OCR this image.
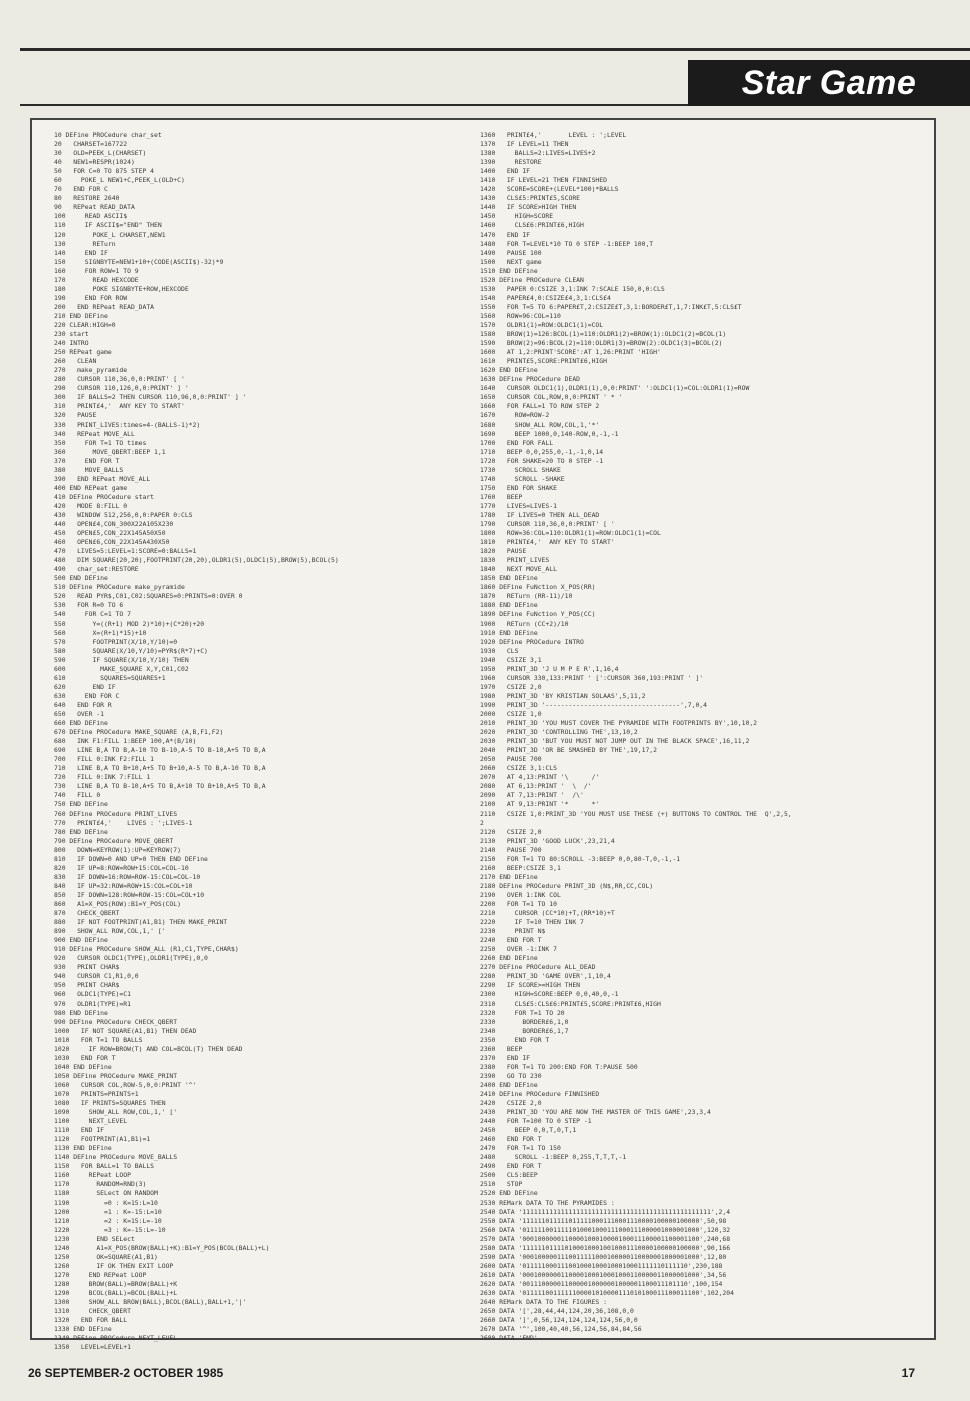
Star Game
10 DEFine PROCedure char_set
20   CHARSET=167722
30   OLD=PEEK_L(CHARSET)
40   NEW1=RESPR(1024)
50   FOR C=0 TO 875 STEP 4
60     POKE_L NEW1+C,PEEK_L(OLD+C)
70   END FOR C
80   RESTORE 2640
90   REPeat READ_DATA
100     READ ASCII$
110     IF ASCII$="END" THEN
120       POKE_L CHARSET,NEW1
130       RETurn
140     END IF
150     SIGNBYTE=NEW1+10+(CODE(ASCII$)-32)*9
160     FOR ROW=1 TO 9
170       READ HEXCODE
180       POKE SIGNBYTE+ROW,HEXCODE
190     END FOR ROW
200   END REPeat READ_DATA
210 END DEFine
220 CLEAR:HIGH=0
230 start
240 INTRO
250 REPeat game
260   CLEAN
270   make_pyramide
280   CURSOR 110,36,0,0:PRINT' [ '
290   CURSOR 110,126,0,0:PRINT' ] '
300   IF BALLS=2 THEN CURSOR 110,96,0,0:PRINT' ] '
310   PRINT£4,'  ANY KEY TO START'
320   PAUSE
330   PRINT_LIVES:times=4-(BALLS-1)*2)
340   REPeat MOVE_ALL
350     FOR T=1 TO times
360       MOVE_QBERT:BEEP 1,1
370     END FOR T
380     MOVE_BALLS
390   END REPeat MOVE_ALL
400 END REPeat game
410 DEFine PROCedure start
420   MODE 8:FILL 0
430   WINDOW 512,256,0,0:PAPER 0:CLS
440   OPEN£4,CON_300X22A105X230
450   OPEN£5,CON_22X145A50X50
460   OPEN£6,CON_22X145A430X50
470   LIVES=5:LEVEL=1:SCORE=0:BALLS=1
480   DIM SQUARE(20,20),FOOTPRINT(20,20),OLDR1(5),OLDC1(5),BROW(5),BCOL(5)
490   char_set:RESTORE
500 END DEFine
510 DEFine PROCedure make_pyramide
520   READ PYR$,C01,C02:SQUARES=0:PRINTS=0:OVER 0
530   FOR R=0 TO 6
540     FOR C=1 TO 7
550       Y=((R+1) MOD 2)*10)+(C*20)+20
560       X=(R+1)*15)+10
570       FOOTPRINT(X/10,Y/10)=0
580       SQUARE(X/10,Y/10)=PYR$(R*7)+C)
590       IF SQUARE(X/10,Y/10) THEN
600         MAKE_SQUARE X,Y,C01,C02
610         SQUARES=SQUARES+1
620       END IF
630     END FOR C
640   END FOR R
650   OVER -1
660 END DEFine
670 DEFine PROCedure MAKE_SQUARE (A,B,F1,F2)
680   INK F1:FILL 1:BEEP 100,A*(B/10)
690   LINE B,A TO B,A-10 TO B-10,A-5 TO B-10,A+5 TO B,A
700   FILL 0:INK F2:FILL 1
710   LINE B,A TO B+10,A+5 TO B+10,A-5 TO B,A-10 TO B,A
720   FILL 0:INK 7:FILL 1
730   LINE B,A TO B-10,A+5 TO B,A+10 TO B+10,A+5 TO B,A
740   FILL 0
750 END DEFine
760 DEFine PROCedure PRINT_LIVES
770   PRINT£4,'    LIVES : ';LIVES-1
780 END DEFine
790 DEFine PROCedure MOVE_QBERT
800   DOWN=KEYROW(1):UP=KEYROW(7)
810   IF DOWN=0 AND UP=0 THEN END DEFine
820   IF UP=8:ROW=ROW+15:COL=COL-10
830   IF DOWN=16:ROW=ROW-15:COL=COL-10
840   IF UP=32:ROW=ROW+15:COL=COL+10
850   IF DOWN=128:ROW=ROW-15:COL=COL+10
860   A1=X_POS(ROW):B1=Y_POS(COL)
870   CHECK_QBERT
880   IF NOT FOOTPRINT(A1,B1) THEN MAKE_PRINT
890   SHOW_ALL ROW,COL,1,' ['
900 END DEFine
910 DEFine PROCedure SHOW_ALL (R1,C1,TYPE,CHAR$)
920   CURSOR OLDC1(TYPE),OLDR1(TYPE),0,0
930   PRINT CHAR$
940   CURSOR C1,R1,0,0
950   PRINT CHAR$
960   OLDC1(TYPE)=C1
970   OLDR1(TYPE)=R1
980 END DEFine
990 DEFine PROCedure CHECK_QBERT
1000   IF NOT SQUARE(A1,B1) THEN DEAD
1010   FOR T=1 TO BALLS
1020     IF ROW=BROW(T) AND COL=BCOL(T) THEN DEAD
1030   END FOR T
1040 END DEFine
1050 DEFine PROCedure MAKE_PRINT
1060   CURSOR COL,ROW-5,0,0:PRINT '^'
1070   PRINTS=PRINTS+1
1080   IF PRINTS=SQUARES THEN
1090     SHOW_ALL ROW,COL,1,' ['
1100     NEXT_LEVEL
1110   END IF
1120   FOOTPRINT(A1,B1)=1
1130 END DEFine
1140 DEFine PROCedure MOVE_BALLS
1150   FOR BALL=1 TO BALLS
1160     REPeat LOOP
1170       RANDOM=RND(3)
1180       SELect ON RANDOM
1190         =0 : K=15:L=10
1200         =1 : K=-15:L=10
1210         =2 : K=15:L=-10
1220         =3 : K=-15:L=-10
1230       END SELect
1240       A1=X_POS(BROW(BALL)+K):B1=Y_POS(BCOL(BALL)+L)
1250       OK=SQUARE(A1,B1)
1260       IF OK THEN EXIT LOOP
1270     END REPeat LOOP
1280     BROW(BALL)=BROW(BALL)+K
1290     BCOL(BALL)=BCOL(BALL)+L
1300     SHOW_ALL BROW(BALL),BCOL(BALL),BALL+1,'|'
1310     CHECK_QBERT
1320   END FOR BALL
1330 END DEFine
1340 DEFine PROCedure NEXT_LEVEL
1350   LEVEL=LEVEL+1
1360   PRINT£4,'       LEVEL : ';LEVEL
1370   IF LEVEL=11 THEN
1380     BALLS=2:LIVES=LIVES+2
1390     RESTORE
1400   END IF
1410   IF LEVEL=21 THEN FINNISHED
1420   SCORE=SCORE+(LEVEL*100)*BALLS
1430   CLS£5:PRINT£5,SCORE
1440   IF SCORE>HIGH THEN
1450     HIGH=SCORE
1460     CLS£6:PRINT£6,HIGH
1470   END IF
1480   FOR T=LEVEL*10 TO 0 STEP -1:BEEP 100,T
1490   PAUSE 100
1500   NEXT game
1510 END DEFine
1520 DEFine PROCedure CLEAN
1530   PAPER 0:CSIZE 3,1:INK 7:SCALE 150,0,0:CLS
1540   PAPER£4,0:CSIZE£4,3,1:CLS£4
1550   FOR T=5 TO 6:PAPER£T,2:CSIZE£T,3,1:BORDER£T,1,7:INK£T,5:CLS£T
1560   ROW=96:COL=110
1570   OLDR1(1)=ROW:OLDC1(1)=COL
1580   BROW(1)=126:BCOL(1)=110:OLDR1(2)=BROW(1):OLDC1(2)=BCOL(1)
1590   BROW(2)=96:BCOL(2)=110:OLDR1(3)=BROW(2):OLDC1(3)=BCOL(2)
1600   AT 1,2:PRINT'SCORE':AT 1,26:PRINT 'HIGH'
1610   PRINT£5,SCORE:PRINT£6,HIGH
1620 END DEFine
1630 DEFine PROCedure DEAD
1640   CURSOR OLDC1(1),OLDR1(1),0,0:PRINT' ':OLDC1(1)=COL:OLDR1(1)=ROW
1650   CURSOR COL,ROW,0,0:PRINT ' * '
1660   FOR FALL=1 TO ROW STEP 2
1670     ROW=ROW-2
1680     SHOW_ALL ROW,COL,1,'*'
1690     BEEP 1000,0,140-ROW,0,-1,-1
1700   END FOR FALL
1710   BEEP 0,0,255,0,-1,-1,0,14
1720   FOR SHAKE=20 TO 0 STEP -1
1730     SCROLL SHAKE
1740     SCROLL -SHAKE
1750   END FOR SHAKE
1760   BEEP
1770   LIVES=LIVES-1
1780   IF LIVES=0 THEN ALL_DEAD
1790   CURSOR 110,36,0,0:PRINT' [ '
1800   ROW=36:COL=110:OLDR1(1)=ROW:OLDC1(1)=COL
1810   PRINT£4,'  ANY KEY TO START'
1820   PAUSE
1830   PRINT_LIVES
1840   NEXT MOVE_ALL
1850 END DEFine
1860 DEFine FuNction X_POS(RR)
1870   RETurn (RR-11)/10
1880 END DEFine
1890 DEFine FuNction Y_POS(CC)
1900   RETurn (CC+2)/10
1910 END DEFine
1920 DEFine PROCedure INTRO
1930   CLS
1940   CSIZE 3,1
1950   PRINT_3D 'J U M P E R',1,16,4
1960   CURSOR 330,133:PRINT ' [':CURSOR 360,193:PRINT ' ]'
1970   CSIZE 2,0
1980   PRINT_3D 'BY KRISTIAN SOLAAS',5,11,2
1990   PRINT_3D '-----------------------------------',7,0,4
2000   CSIZE 1,0
2010   PRINT_3D 'YOU MUST COVER THE PYRAMIDE WITH FOOTPRINTS BY',10,10,2
2020   PRINT_3D 'CONTROLLING THE',13,10,2
2030   PRINT_3D 'BUT YOU MUST NOT JUMP OUT IN THE BLACK SPACE',16,11,2
2040   PRINT_3D 'OR BE SMASHED BY THE',19,17,2
2050   PAUSE 700
2060   CSIZE 3,1:CLS
2070   AT 4,13:PRINT '\      /'
2080   AT 6,13:PRINT '  \  /'
2090   AT 7,13:PRINT '  /\'
2100   AT 9,13:PRINT '*      *'
2110   CSIZE 1,0:PRINT_3D 'YOU MUST USE THESE (+) BUTTONS TO CONTROL THE  Q',2,5,
2
2120   CSIZE 2,0
2130   PRINT_3D 'GOOD LUCK',23,21,4
2140   PAUSE 700
2150   FOR T=1 TO 80:SCROLL -3:BEEP 0,0,80-T,0,-1,-1
2160   BEEP:CSIZE 3,1
2170 END DEFine
2180 DEFine PROCedure PRINT_3D (N$,RR,CC,COL)
2190   OVER 1:INK COL
2200   FOR T=1 TO 10
2210     CURSOR (CC*10)+T,(RR*10)+T
2220     IF T=10 THEN INK 7
2230     PRINT N$
2240   END FOR T
2250   OVER -1:INK 7
2260 END DEFine
2270 DEFine PROCedure ALL_DEAD
2280   PRINT_3D 'GAME OVER',1,10,4
2290   IF SCORE>=HIGH THEN
2300     HIGH=SCORE:BEEP 0,0,40,0,-1
2310     CLS£5:CLS£6:PRINT£5,SCORE:PRINT£6,HIGH
2320     FOR T=1 TO 20
2330       BORDER£6,1,0
2340       BORDER£6,1,7
2350     END FOR T
2360   BEEP
2370   END IF
2380   FOR T=1 TO 200:END FOR T:PAUSE 500
2390   GO TO 230
2400 END DEFine
2410 DEFine PROCedure FINNISHED
2420   CSIZE 2,0
2430   PRINT_3D 'YOU ARE NOW THE MASTER OF THIS GAME',23,3,4
2440   FOR T=100 TO 0 STEP -1
2450     BEEP 0,0,T,0,T,1
2460   END FOR T
2470   FOR T=1 TO 150
2480     SCROLL -1:BEEP 0,255,T,T,T,-1
2490   END FOR T
2500   CLS:BEEP
2510   STOP
2520 END DEFine
2530 REMark DATA TO THE PYRAMIDES :
2540 DATA '1111111111111111111111111111111111111111111111111',2,4
2550 DATA '1111110111110111110001110001110000100000100000',50,98
2560 DATA '0111110011111010001000111000111000001000001000',120,32
2570 DATA '0001000000110000100010000100011100001100001100',240,68
2580 DATA '1111110111101000100010010001110000100000100000',90,166
2590 DATA '0001000001110011111000100000110000001000001000',12,80
2600 DATA '0111110001110010001000100010001111110111110',230,188
2610 DATA '0001000000110000100010001000110000011000001000',34,56
2620 DATA '0011100000110000010000001000001100011101110',100,154
2630 DATA '0111110011111100001010000111010100011100011100',102,204
2640 REMark DATA TO THE FIGURES :
2650 DATA '[',28,44,44,124,20,36,108,0,0
2660 DATA ']',0,56,124,124,124,124,56,0,0
2670 DATA '^',100,40,40,56,124,56,84,84,56
2680 DATA 'END'
26 SEPTEMBER-2 OCTOBER 1985	17
